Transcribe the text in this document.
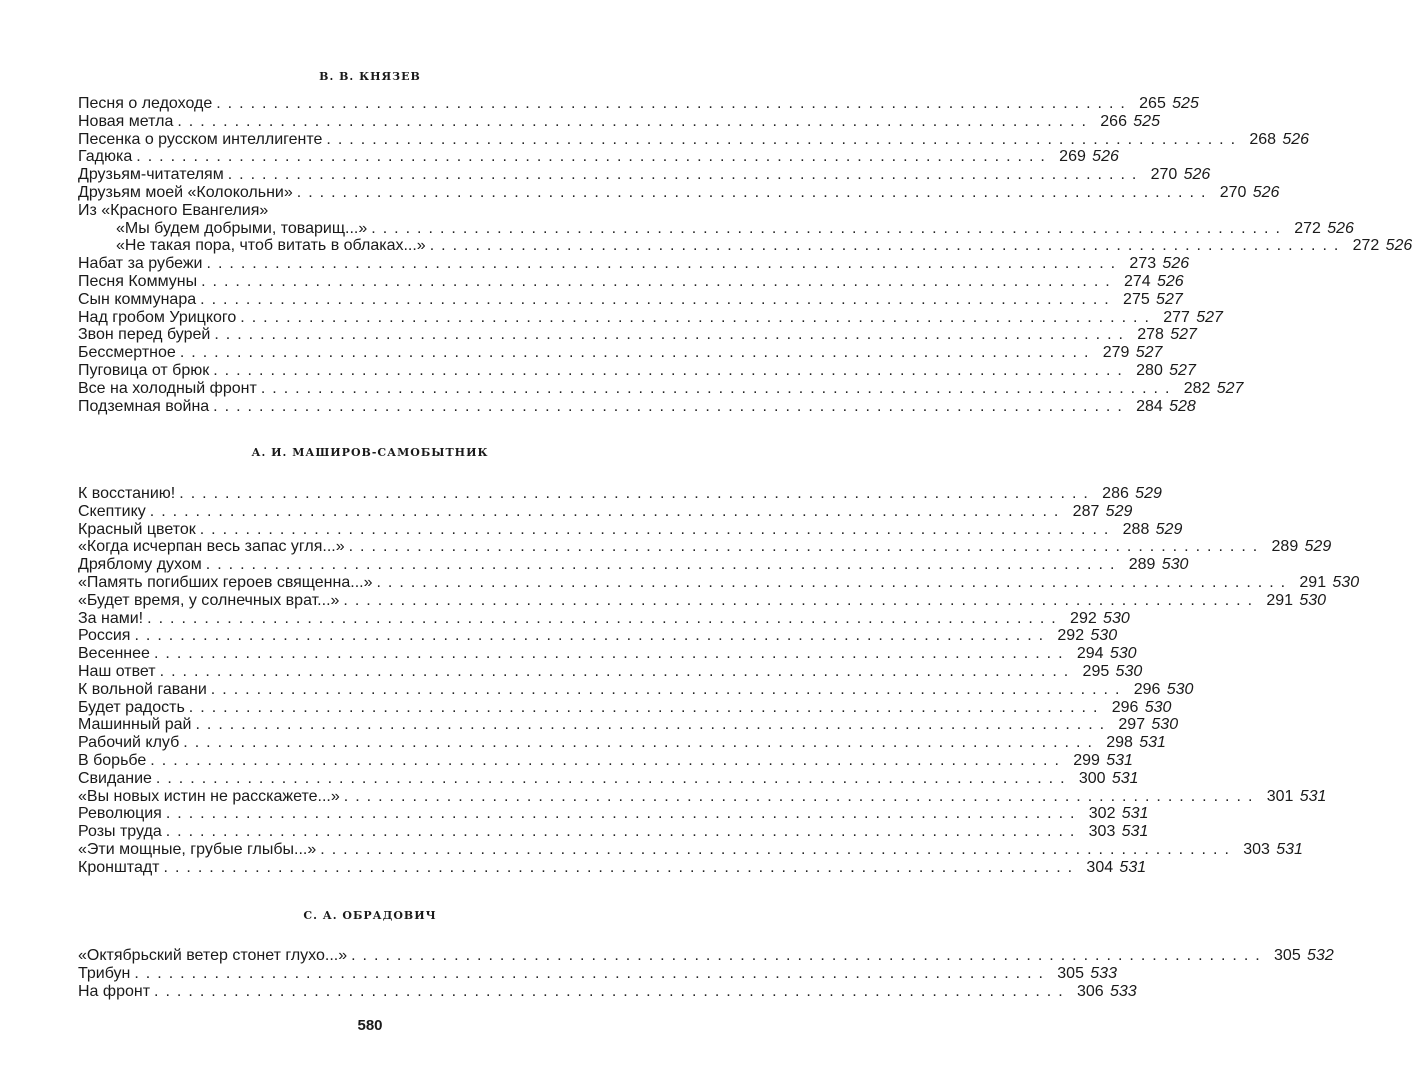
В. В. КНЯЗЕВ
Песня о ледоходе ................................................................................ 265 525
Новая метла ................................................................................ 266 525
Песенка о русском интеллигенте ................................................................................ 268 526
Гадюка ................................................................................ 269 526
Друзьям-читателям ................................................................................ 270 526
Друзьям моей «Колокольни» ................................................................................ 270 526
Из «Красного Евангелия»
«Мы будем добрыми, товарищ...» ................................................................................ 272 526
«Не такая пора, чтоб витать в облаках...» ................................................................................ 272 526
Набат за рубежи ................................................................................ 273 526
Песня Коммуны ................................................................................ 274 526
Сын коммунара ................................................................................ 275 527
Над гробом Урицкого ................................................................................ 277 527
Звон перед бурей ................................................................................ 278 527
Бессмертное ................................................................................ 279 527
Пуговица от брюк ................................................................................ 280 527
Все на холодный фронт ................................................................................ 282 527
Подземная война ................................................................................ 284 528
А. И. МАШИРОВ-САМОБЫТНИК
К восстанию! ................................................................................ 286 529
Скептику ................................................................................ 287 529
Красный цветок ................................................................................ 288 529
«Когда исчерпан весь запас угля...» ................................................................................ 289 529
Дряблому духом ................................................................................ 289 530
«Память погибших героев священна...» ................................................................................ 291 530
«Будет время, у солнечных врат...» ................................................................................ 291 530
За нами! ................................................................................ 292 530
Россия ................................................................................ 292 530
Весеннее ................................................................................ 294 530
Наш ответ ................................................................................ 295 530
К вольной гавани ................................................................................ 296 530
Будет радость ................................................................................ 296 530
Машинный рай ................................................................................ 297 530
Рабочий клуб ................................................................................ 298 531
В борьбе ................................................................................ 299 531
Свидание ................................................................................ 300 531
«Вы новых истин не расскажете...» ................................................................................ 301 531
Революция ................................................................................ 302 531
Розы труда ................................................................................ 303 531
«Эти мощные, грубые глыбы...» ................................................................................ 303 531
Кронштадт ................................................................................ 304 531
С. А. ОБРАДОВИЧ
«Октябрьский ветер стонет глухо...» ................................................................................ 305 532
Трибун ................................................................................ 305 533
На фронт ................................................................................ 306 533
580
